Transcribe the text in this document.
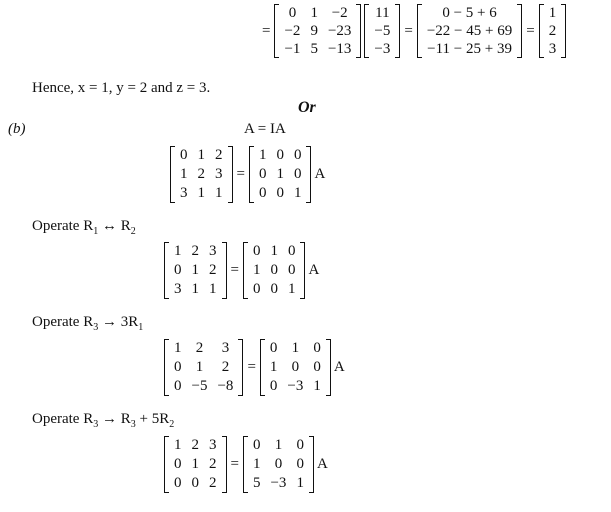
=
0	1	−2
−2	9	−23
−1	5	−13
11
−5
−3
=
0 − 5 + 6
−22 − 45 + 69
−11 − 25 + 39
=
1
2
3
Hence, x = 1, y = 2 and z = 3.
Or
(b)	A = IA
0	1	2
1	2	3
3	1	1
=
1	0	0
0	1	0
0	0	1
A
Operate $R_1$ ↔ $R_2$
1	2	3
0	1	2
3	1	1
=
0	1	0
1	0	0
0	0	1
A
Operate $R_3 \to 3R_1$
1	2	3
0	1	2
0	−5	−8
=
0	1	0
1	0	0
0	−3	1
A
Operate $R_3 \to R_3 + 5R_2$
1	2	3
0	1	2
0	0	2
=
0	1	0
1	0	0
5	−3	1
A
